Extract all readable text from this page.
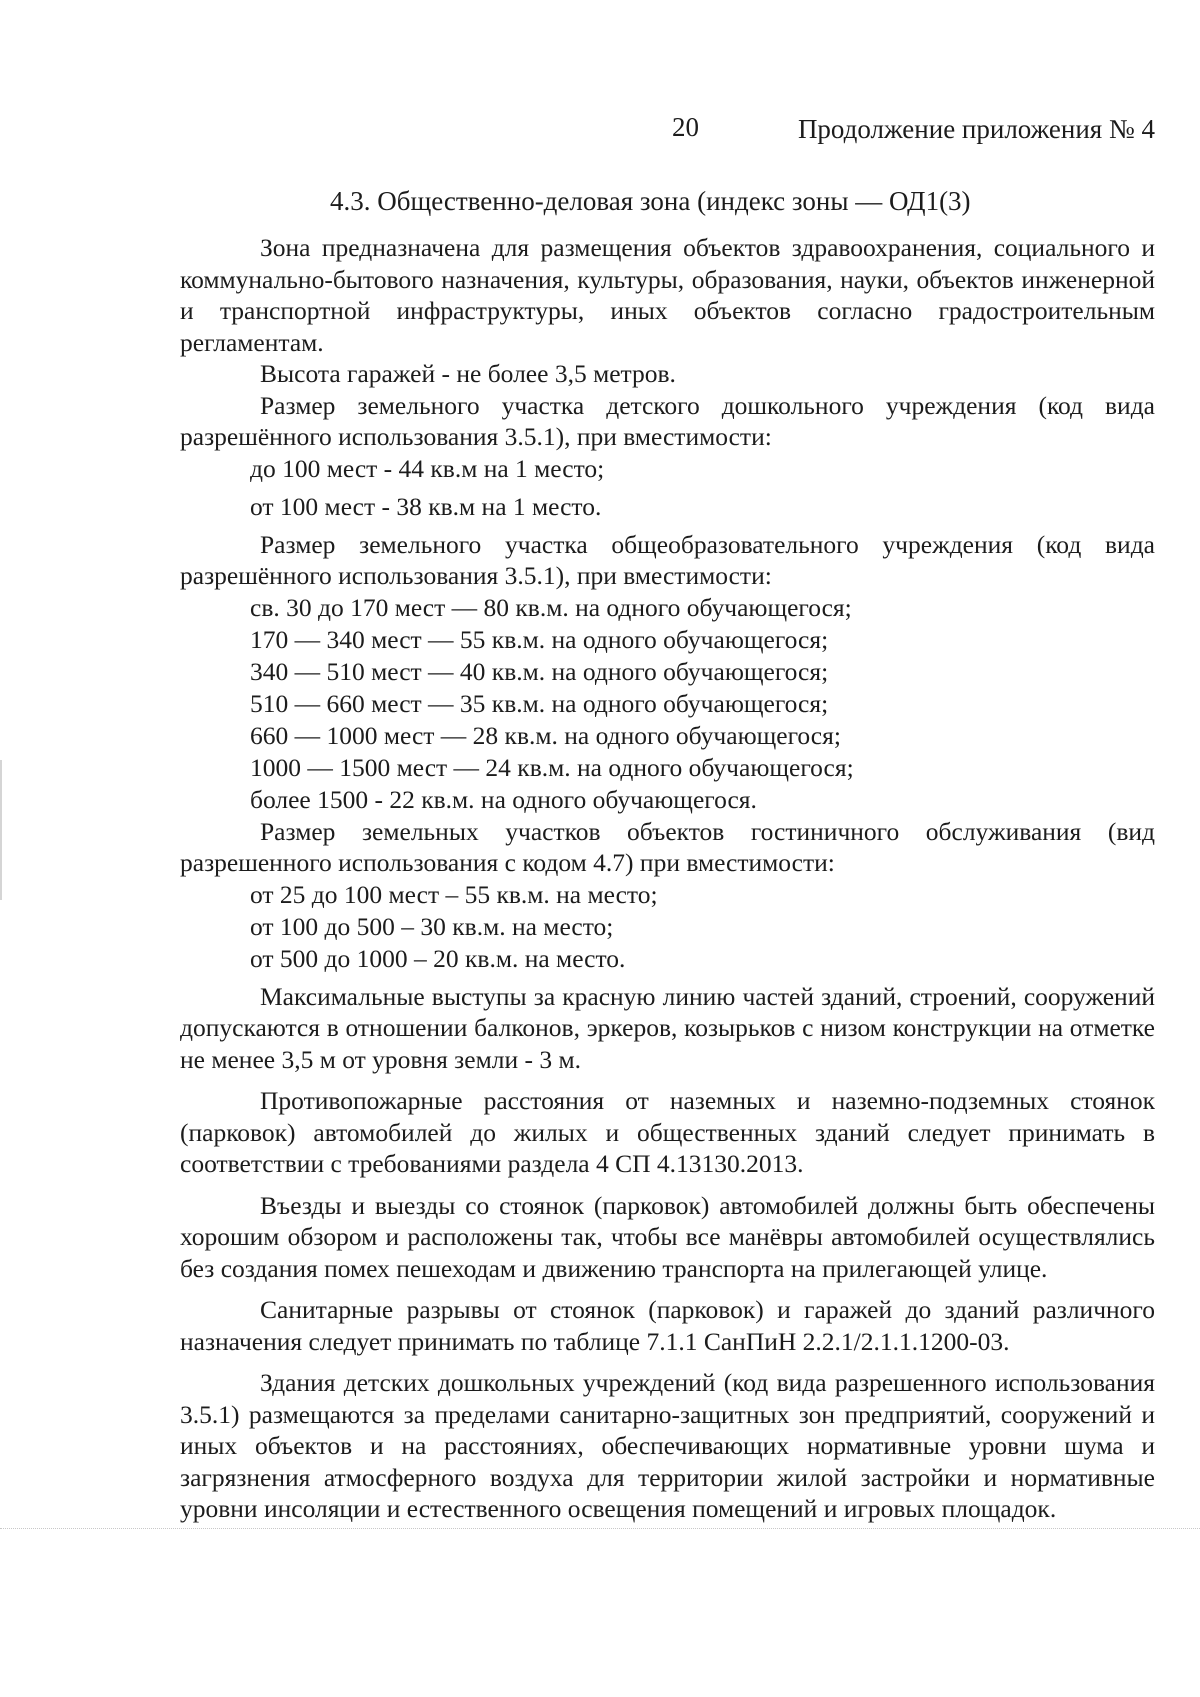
20	Продолжение приложения № 4
4.3. Общественно-деловая зона (индекс зоны — ОД1(3)

Зона предназначена для размещения объектов здравоохранения, социального и коммунально-бытового назначения, культуры, образования, науки, объектов инженерной и транспортной инфраструктуры, иных объектов согласно градостроительным регламентам.

Высота гаражей - не более 3,5 метров.

Размер земельного участка детского дошкольного учреждения (код вида разрешённого использования 3.5.1), при вместимости:

до 100 мест - 44 кв.м на 1 место;

от 100 мест - 38 кв.м на 1 место.

Размер земельного участка общеобразовательного учреждения (код вида разрешённого использования 3.5.1), при вместимости:

св. 30 до 170 мест — 80 кв.м. на одного обучающегося;

170 — 340 мест — 55 кв.м. на одного обучающегося;

340 — 510 мест — 40 кв.м. на одного обучающегося;

510 — 660 мест — 35 кв.м. на одного обучающегося;

660 — 1000 мест — 28 кв.м. на одного обучающегося;

1000 — 1500 мест — 24 кв.м. на одного обучающегося;

более 1500 - 22 кв.м. на одного обучающегося.

Размер земельных участков объектов гостиничного обслуживания (вид разрешенного использования с кодом 4.7) при вместимости:

от 25 до 100 мест – 55 кв.м. на место;

от 100 до 500 – 30 кв.м. на место;

от 500 до 1000 – 20 кв.м. на место.

Максимальные выступы за красную линию частей зданий, строений, сооружений допускаются в отношении балконов, эркеров, козырьков с низом конструкции на отметке не менее 3,5 м от уровня земли - 3 м.

Противопожарные расстояния от наземных и наземно-подземных стоянок (парковок) автомобилей до жилых и общественных зданий следует принимать в соответствии с требованиями раздела 4 СП 4.13130.2013.

Въезды и выезды со стоянок (парковок) автомобилей должны быть обеспечены хорошим обзором и расположены так, чтобы все манёвры автомобилей осуществлялись без создания помех пешеходам и движению транспорта на прилегающей улице.

Санитарные разрывы от стоянок (парковок) и гаражей до зданий различного назначения следует принимать по таблице 7.1.1 СанПиН 2.2.1/2.1.1.1200-03.

Здания детских дошкольных учреждений (код вида разрешенного использования 3.5.1) размещаются за пределами санитарно-защитных зон предприятий, сооружений и иных объектов и на расстояниях, обеспечивающих нормативные уровни шума и загрязнения атмосферного воздуха для территории жилой застройки и нормативные уровни инсоляции и естественного освещения помещений и игровых площадок.
